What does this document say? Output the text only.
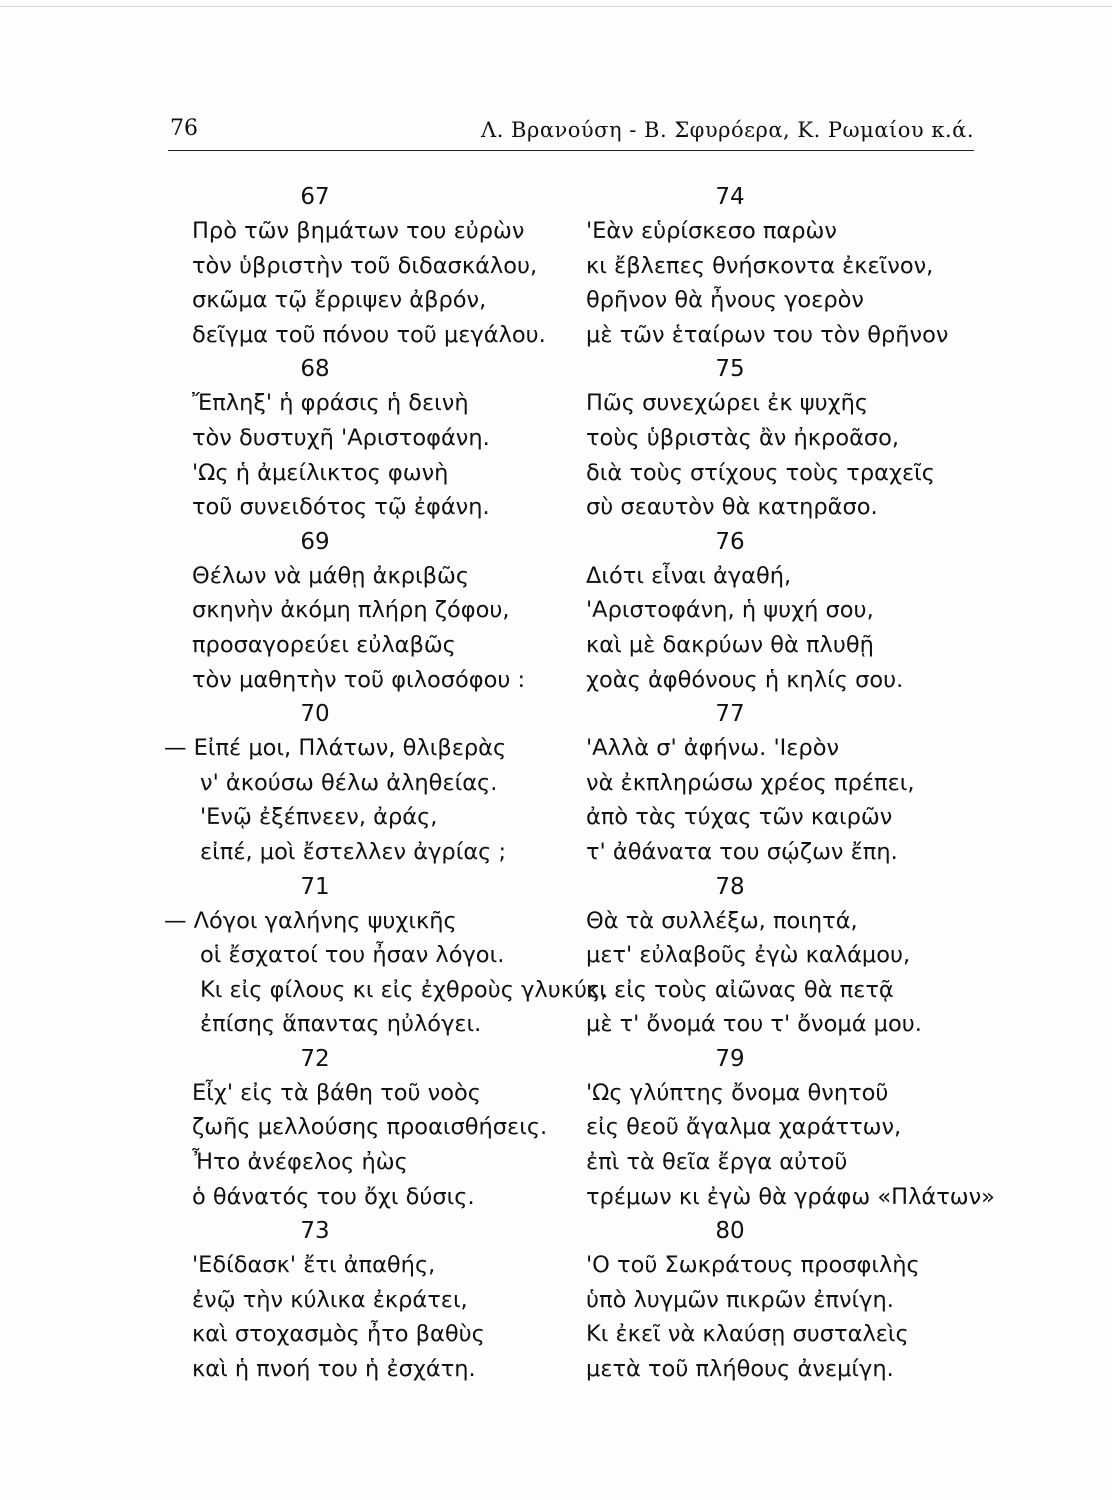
76	Λ. Βρανούση - Β. Σφυρόερα, Κ. Ρωμαίου κ.ά.
67
Πρὸ τῶν βημάτων του εὐρὼν
τὸν ὑβριστὴν τοῦ διδασκάλου,
σκῶμα τῷ ἔρριψεν ἀβρόν,
δεῖγμα τοῦ πόνου τοῦ μεγάλου.
68
Ἔπληξ' ἡ φράσις ἡ δεινὴ
τὸν δυστυχῆ 'Αριστοφάνη.
'Ως ἡ ἀμείλικτος φωνὴ
τοῦ συνειδότος τῷ ἐφάνη.
69
Θέλων νὰ μάθῃ ἀκριβῶς
σκηνὴν ἀκόμη πλήρη ζόφου,
προσαγορεύει εὐλαβῶς
τὸν μαθητὴν τοῦ φιλοσόφου :
70
— Εἰπέ μοι, Πλάτων, θλιβερὰς
ν' ἀκούσω θέλω ἀληθείας.
'Ενῷ ἐξέπνεεν, ἀράς,
εἰπέ, μοὶ ἔστελλεν ἀγρίας ;
71
— Λόγοι γαλήνης ψυχικῆς
οἱ ἔσχατοί του ἦσαν λόγοι.
Κι εἰς φίλους κι εἰς ἐχθροὺς γλυκύς,
ἐπίσης ἅπαντας ηὐλόγει.
72
Εἶχ' εἰς τὰ βάθη τοῦ νοὸς
ζωῆς μελλούσης προαισθήσεις.
Ἦτο ἀνέφελος ἠὼς
ὁ θάνατός του ὄχι δύσις.
73
'Εδίδασκ' ἔτι ἀπαθής,
ἐνῷ τὴν κύλικα ἐκράτει,
καὶ στοχασμὸς ἦτο βαθὺς
καὶ ἡ πνοή του ἡ ἐσχάτη.
74
'Εὰν εὑρίσκεσο παρὼν
κι ἔβλεπες θνήσκοντα ἐκεῖνον,
θρῆνον θὰ ἦνους γοερὸν
μὲ τῶν ἑταίρων του τὸν θρῆνον
75
Πῶς συνεχώρει ἐκ ψυχῆς
τοὺς ὑβριστὰς ἂν ἠκροᾶσο,
διὰ τοὺς στίχους τοὺς τραχεῖς
σὺ σεαυτὸν θὰ κατηρᾶσο.
76
Διότι εἶναι ἀγαθή,
'Αριστοφάνη, ἡ ψυχή σου,
καὶ μὲ δακρύων θὰ πλυθῇ
χοὰς ἀφθόνους ἡ κηλίς σου.
77
'Αλλὰ σ' ἀφήνω. 'Ιερὸν
νὰ ἐκπληρώσω χρέος πρέπει,
ἀπὸ τὰς τύχας τῶν καιρῶν
τ' ἀθάνατα του σῴζων ἔπη.
78
Θὰ τὰ συλλέξω, ποιητά,
μετ' εὐλαβοῦς ἐγὼ καλάμου,
κι εἰς τοὺς αἰῶνας θὰ πετᾷ
μὲ τ' ὄνομά του τ' ὄνομά μου.
79
'Ως γλύπτης ὄνομα θνητοῦ
εἰς θεοῦ ἄγαλμα χαράττων,
ἐπὶ τὰ θεῖα ἔργα αὐτοῦ
τρέμων κι ἐγὼ θὰ γράφω «Πλάτων»
80
'Ο τοῦ Σωκράτους προσφιλὴς
ὑπὸ λυγμῶν πικρῶν ἐπνίγη.
Κι ἐκεῖ νὰ κλαύσῃ συσταλεὶς
μετὰ τοῦ πλήθους ἀνεμίγη.
